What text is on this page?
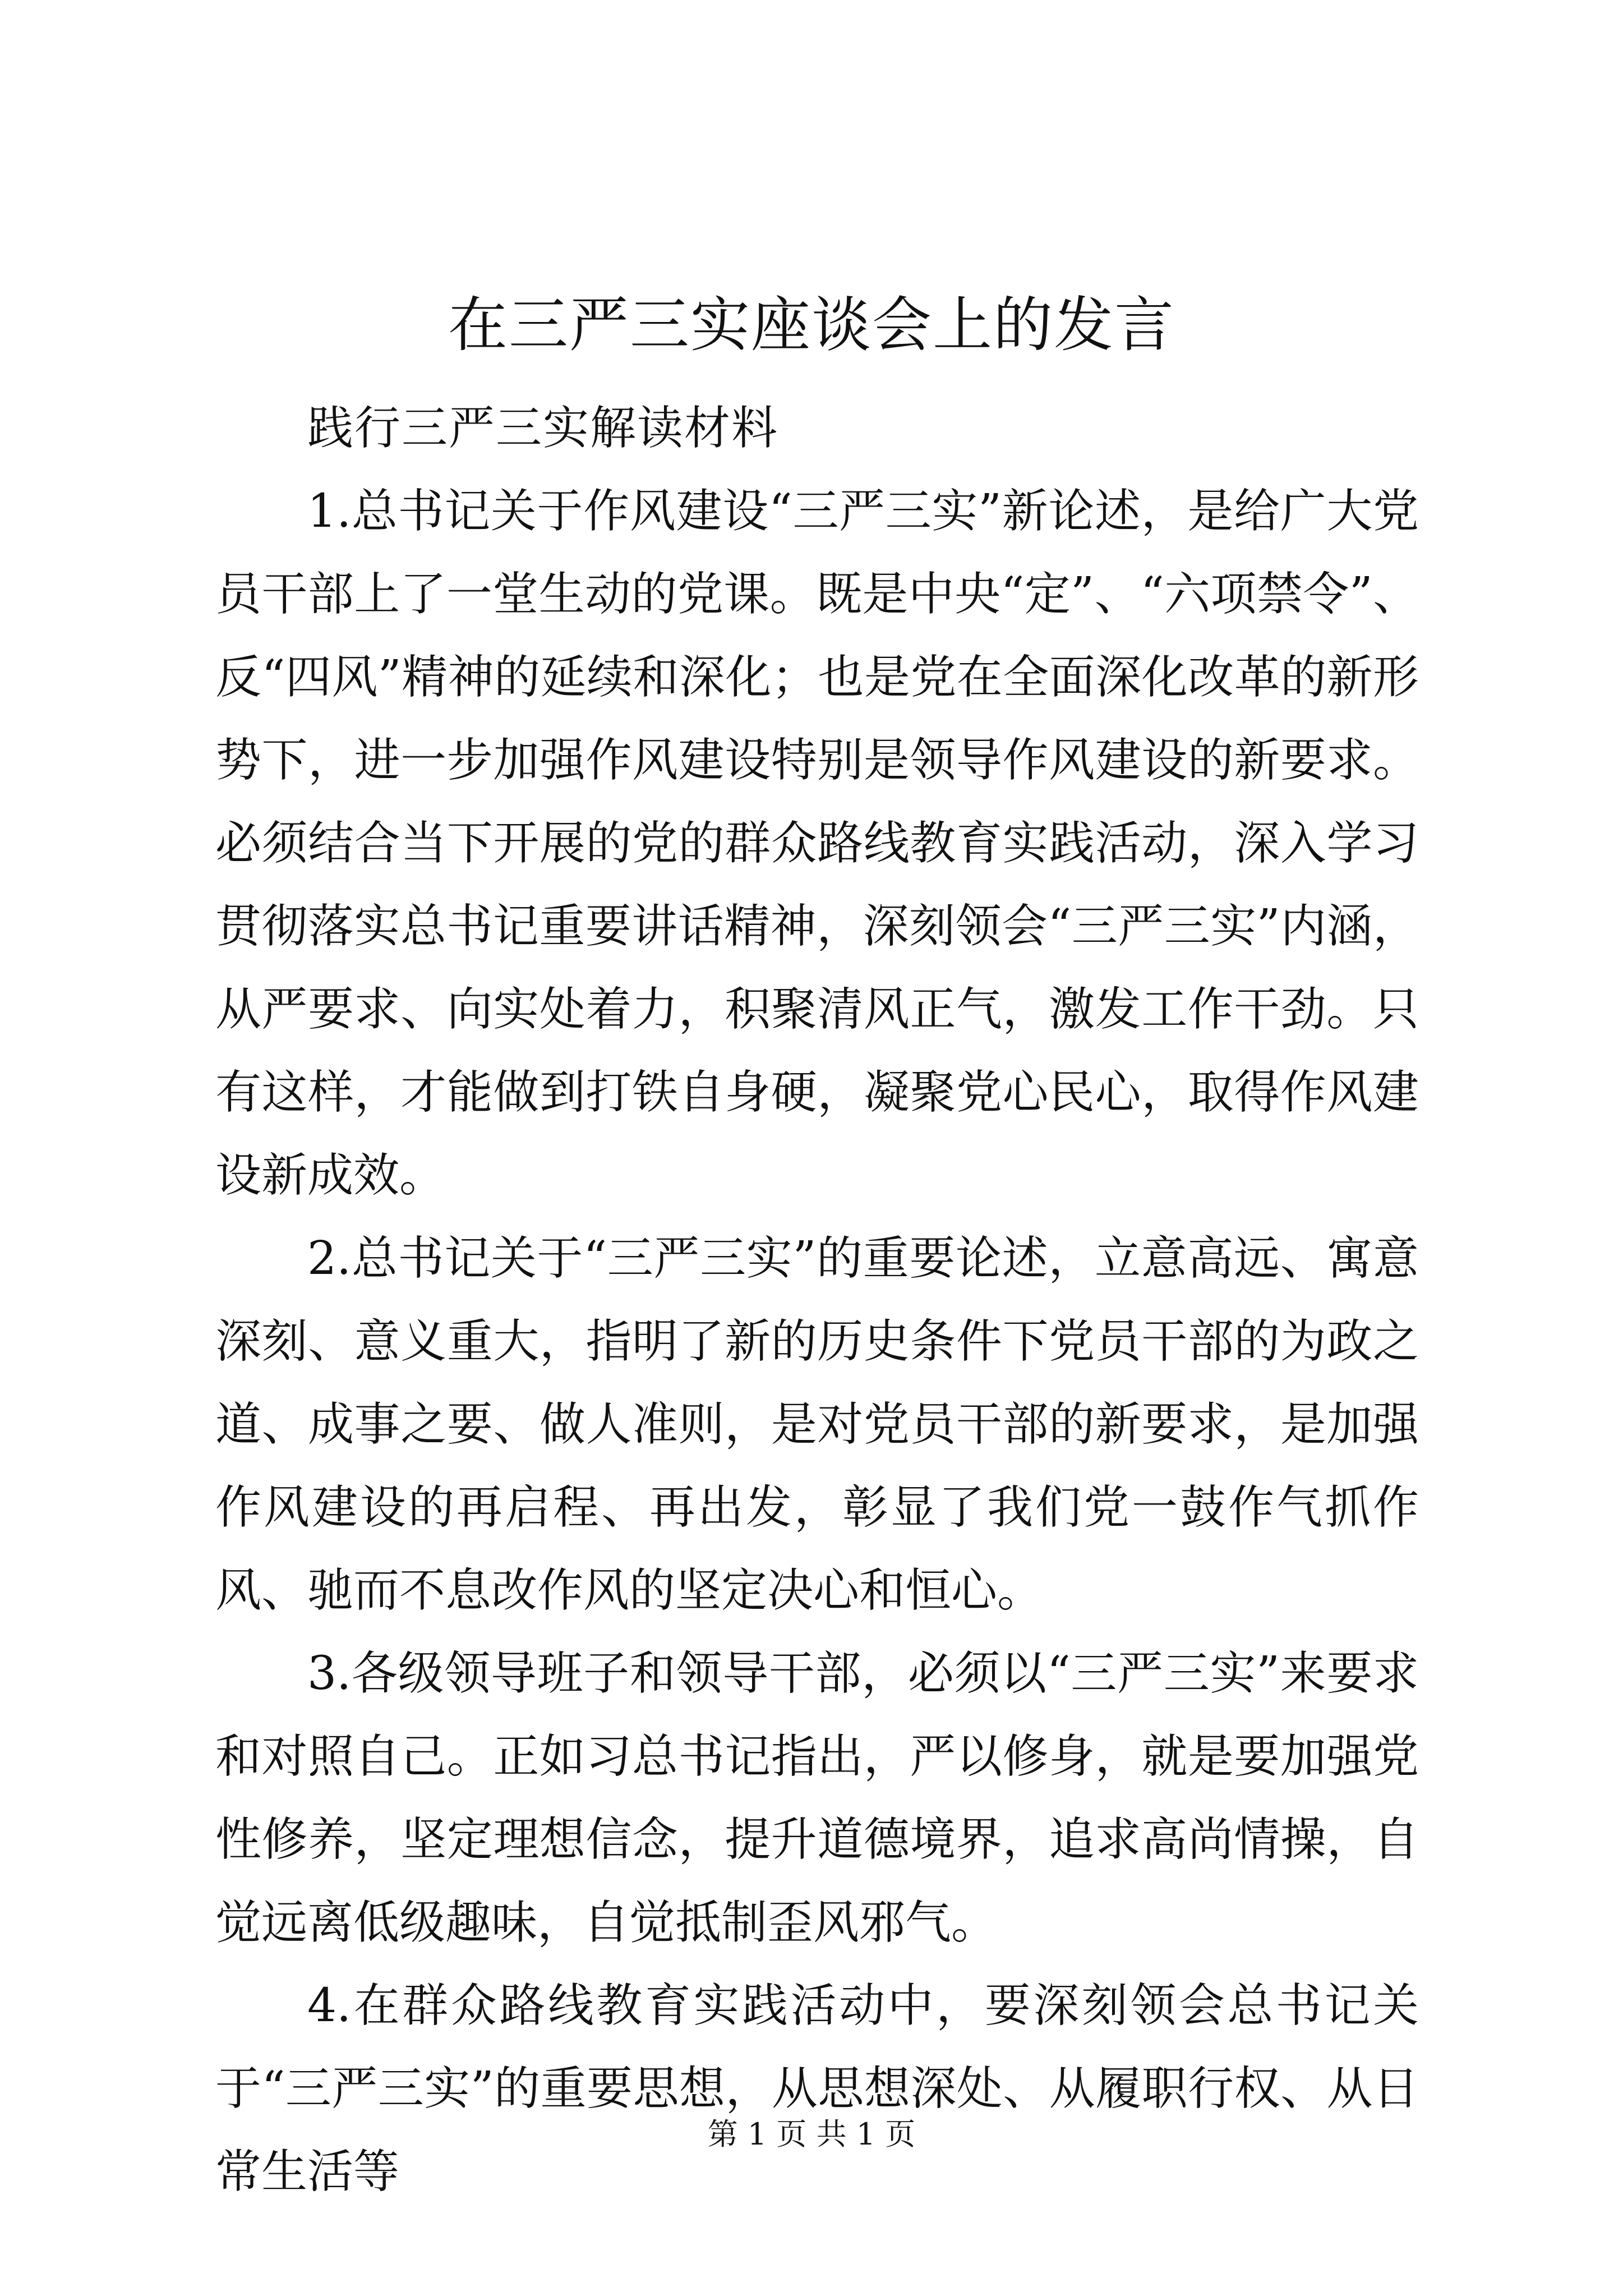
在三严三实座谈会上的发言

践行三严三实解读材料

1.总书记关于作风建设“三严三实”新论述，是给广大党员干部上了一堂生动的党课。既是中央“定”、“六项禁令”、反“四风”精神的延续和深化；也是党在全面深化改革的新形势下，进一步加强作风建设特别是领导作风建设的新要求。必须结合当下开展的党的群众路线教育实践活动，深入学习贯彻落实总书记重要讲话精神，深刻领会“三严三实”内涵，从严要求、向实处着力，积聚清风正气，激发工作干劲。只有这样，才能做到打铁自身硬，凝聚党心民心，取得作风建设新成效。

2.总书记关于“三严三实”的重要论述，立意高远、寓意深刻、意义重大，指明了新的历史条件下党员干部的为政之道、成事之要、做人准则，是对党员干部的新要求，是加强作风建设的再启程、再出发，彰显了我们党一鼓作气抓作风、驰而不息改作风的坚定决心和恒心。

3.各级领导班子和领导干部，必须以“三严三实”来要求和对照自己。正如习总书记指出，严以修身，就是要加强党性修养，坚定理想信念，提升道德境界，追求高尚情操，自觉远离低级趣味，自觉抵制歪风邪气。

4.在群众路线教育实践活动中，要深刻领会总书记关于“三严三实”的重要思想，从思想深处、从履职行权、从日常生活等

第 1 页 共 1 页
